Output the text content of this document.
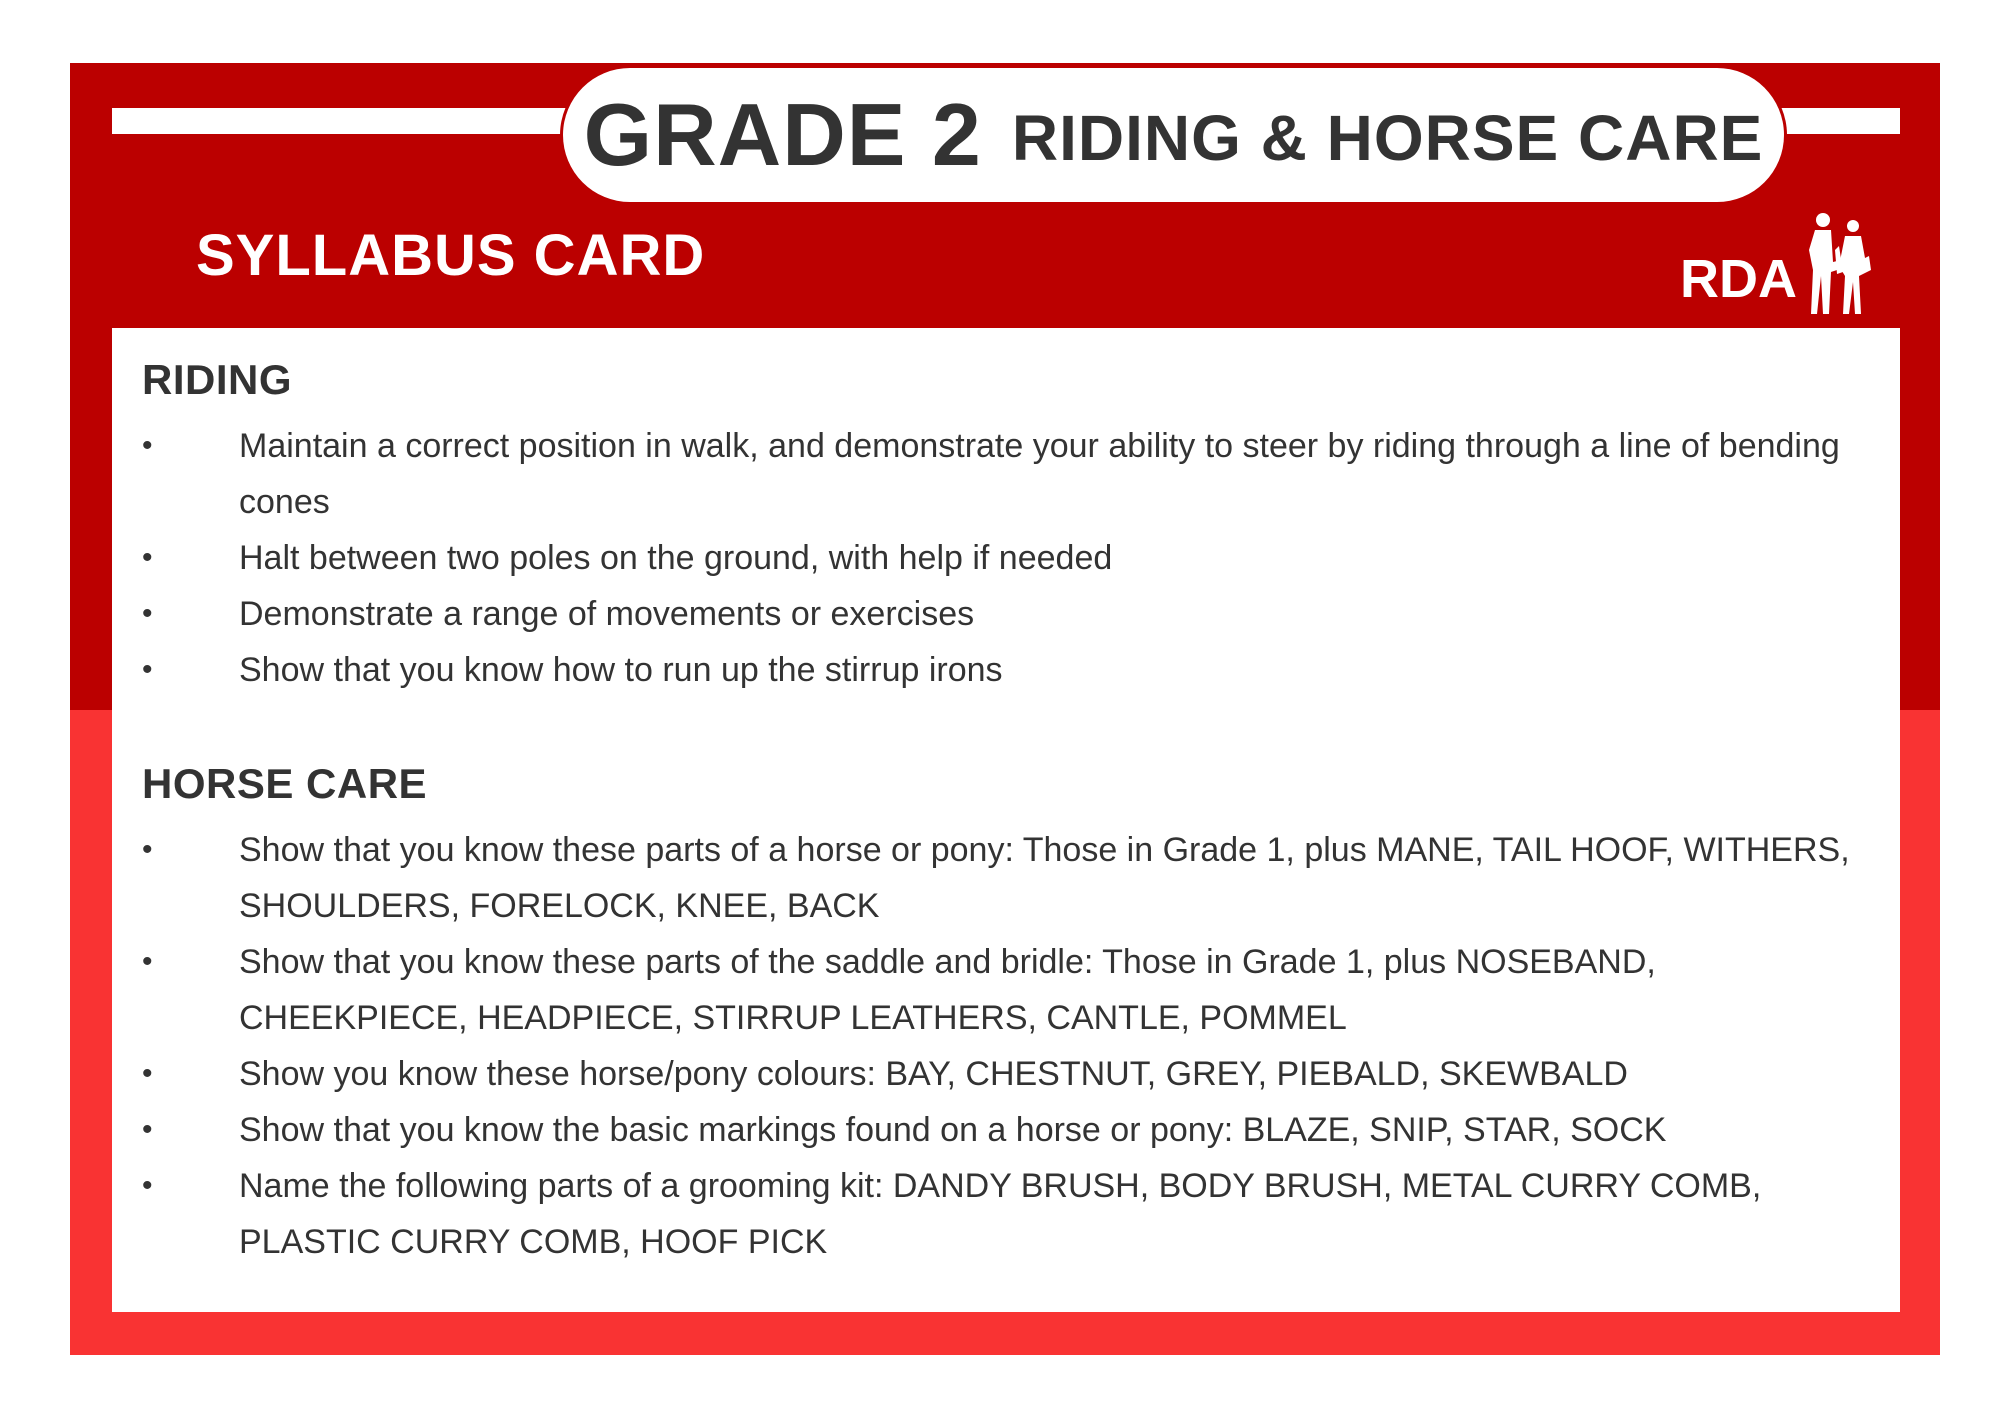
GRADE 2 RIDING & HORSE CARE
SYLLABUS CARD	RDA
RIDING
•	Maintain a correct position in walk, and demonstrate your ability to steer by riding through a line of bending cones
•	Halt between two poles on the ground, with help if needed
•	Demonstrate a range of movements or exercises
•	Show that you know how to run up the stirrup irons
HORSE CARE
•	Show that you know these parts of a horse or pony: Those in Grade 1, plus MANE, TAIL HOOF, WITHERS, SHOULDERS, FORELOCK, KNEE, BACK
•	Show that you know these parts of the saddle and bridle: Those in Grade 1, plus NOSEBAND, CHEEKPIECE, HEADPIECE, STIRRUP LEATHERS, CANTLE, POMMEL
•	Show you know these horse/pony colours: BAY, CHESTNUT, GREY, PIEBALD, SKEWBALD
•	Show that you know the basic markings found on a horse or pony: BLAZE, SNIP, STAR, SOCK
•	Name the following parts of a grooming kit: DANDY BRUSH, BODY BRUSH, METAL CURRY COMB, PLASTIC CURRY COMB, HOOF PICK
